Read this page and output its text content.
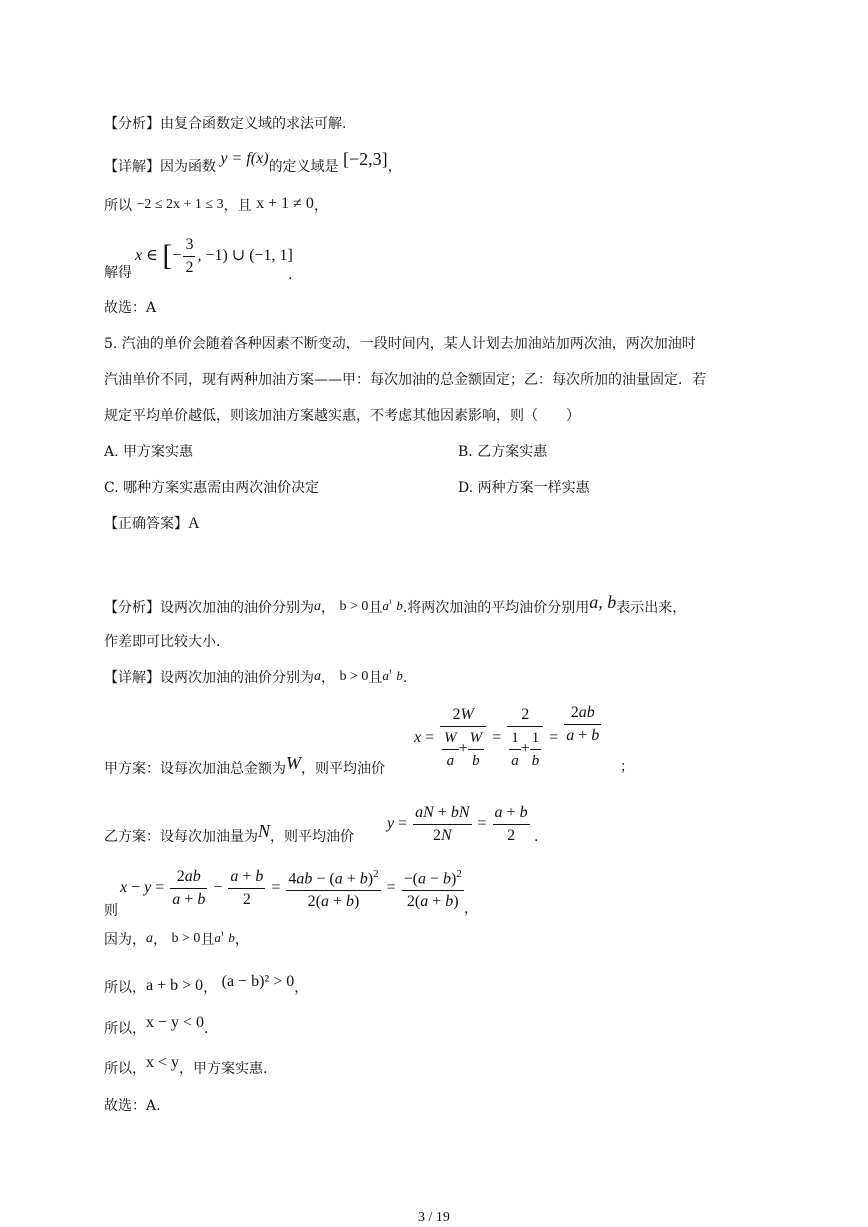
【分析】由复合函数定义域的求法可解.
【详解】因为函数 y = f(x)的定义域是 [−2,3]，
所以 −2 ≤ 2x + 1 ≤ 3，且 x + 1 ≠ 0，
x ∈ [− $\frac{3}{2}$ , −1) ∪ (−1, 1]
解得	.
故选：A
5. 汽油的单价会随着各种因素不断变动，一段时间内，某人计划去加油站加两次油，两次加油时
汽油单价不同，现有两种加油方案——甲：每次加油的总金额固定；乙：每次所加的油量固定．若
规定平均单价越低，则该加油方案越实惠，不考虑其他因素影响，则（　　）
A. 甲方案实惠	B. 乙方案实惠
C. 哪种方案实惠需由两次油价决定	D. 两种方案一样实惠
【正确答案】A
【分析】设两次加油的油价分别为a， b > 0且$a^{^1}$ b.将两次加油的平均油价分别用a, b表示出来，
作差即可比较大小.
【详解】设两次加油的油价分别为a， b > 0且$a^{^1}$ b.
$x = \frac{2W}{\frac{W}{a} + \frac{W}{b}} = \frac{2}{\frac{1}{a} + \frac{1}{b}} = \frac{2ab}{a + b}$
甲方案：设每次加油总金额为W，则平均油价	；
$y = \frac{aN + bN}{2N} = \frac{a + b}{2}$
乙方案：设每次加油量为N，则平均油价	.
$x - y = \frac{2ab}{a + b} - \frac{a + b}{2} = \frac{4ab - (a + b)^2}{2(a + b)} = \frac{-(a - b)^2}{2(a + b)}$
则	，
因为，a， b > 0且$a^{^1}$ b，
所以，a + b > 0， (a − b)² > 0，
所以，x − y < 0.
所以，x < y，甲方案实惠.
故选：A.
3 / 19
